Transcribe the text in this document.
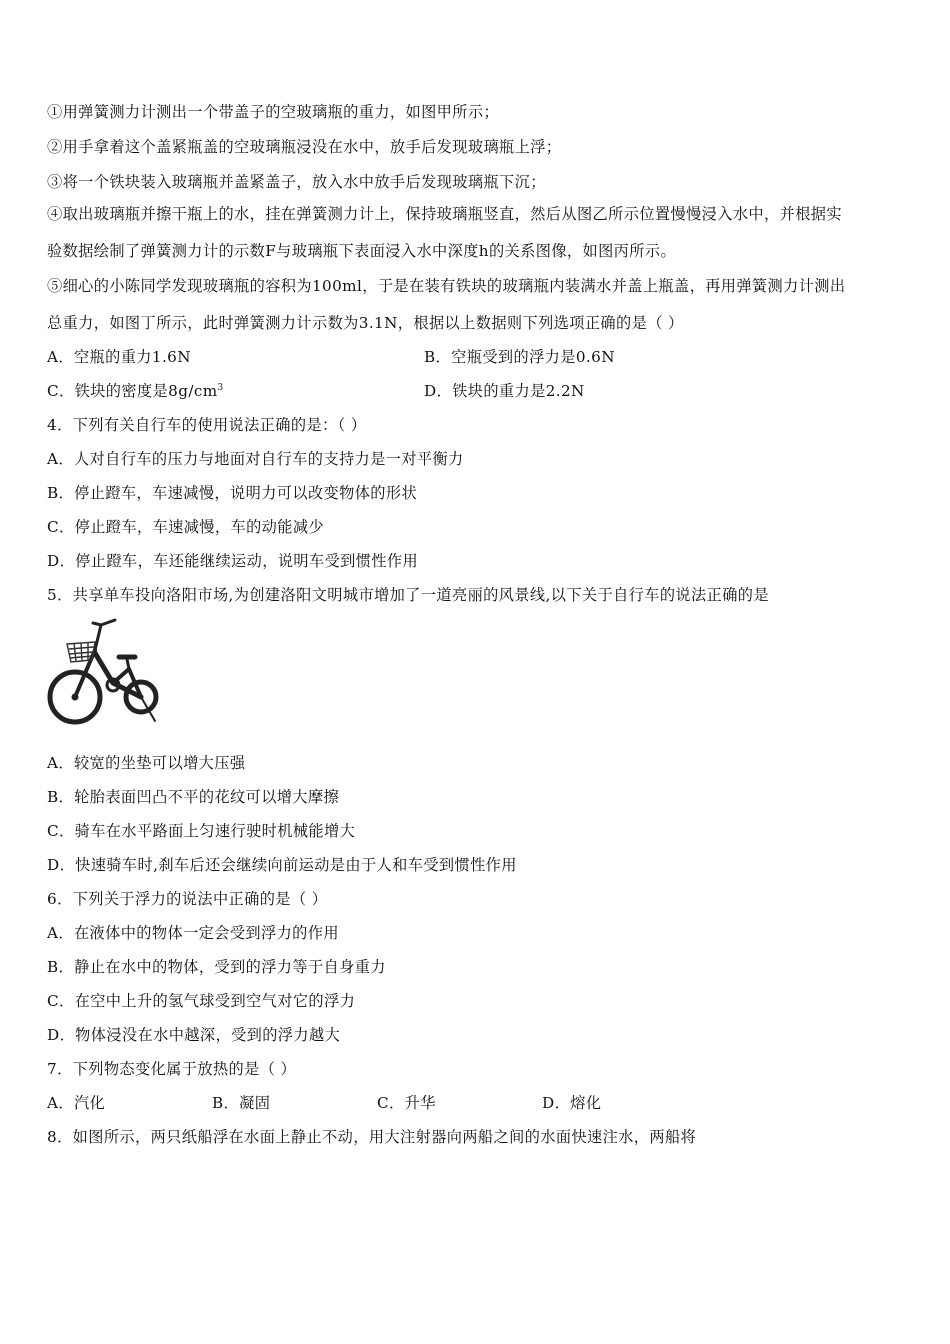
①用弹簧测力计测出一个带盖子的空玻璃瓶的重力，如图甲所示；
②用手拿着这个盖紧瓶盖的空玻璃瓶浸没在水中，放手后发现玻璃瓶上浮；
③将一个铁块装入玻璃瓶并盖紧盖子，放入水中放手后发现玻璃瓶下沉；
④取出玻璃瓶并擦干瓶上的水，挂在弹簧测力计上，保持玻璃瓶竖直，然后从图乙所示位置慢慢浸入水中，并根据实
验数据绘制了弹簧测力计的示数F与玻璃瓶下表面浸入水中深度h的关系图像，如图丙所示。
⑤细心的小陈同学发现玻璃瓶的容积为100ml，于是在装有铁块的玻璃瓶内装满水并盖上瓶盖，再用弹簧测力计测出
总重力，如图丁所示，此时弹簧测力计示数为3.1N，根据以上数据则下列选项正确的是（ ）
A．空瓶的重力1.6N	B．空瓶受到的浮力是0.6N
C．铁块的密度是$8g/cm^3$	D．铁块的重力是2.2N
4．下列有关自行车的使用说法正确的是：（ ）
A．人对自行车的压力与地面对自行车的支持力是一对平衡力
B．停止蹬车，车速减慢，说明力可以改变物体的形状
C．停止蹬车，车速减慢，车的动能减少
D．停止蹬车，车还能继续运动，说明车受到惯性作用
5．共享单车投向洛阳市场,为创建洛阳文明城市增加了一道亮丽的风景线,以下关于自行车的说法正确的是
A．较宽的坐垫可以增大压强
B．轮胎表面凹凸不平的花纹可以增大摩擦
C．骑车在水平路面上匀速行驶时机械能增大
D．快速骑车时,刹车后还会继续向前运动是由于人和车受到惯性作用
6．下列关于浮力的说法中正确的是（ ）
A．在液体中的物体一定会受到浮力的作用
B．静止在水中的物体，受到的浮力等于自身重力
C．在空中上升的氢气球受到空气对它的浮力
D．物体浸没在水中越深，受到的浮力越大
7．下列物态变化属于放热的是（ ）
A．汽化	B．凝固	C．升华	D．熔化
8．如图所示，两只纸船浮在水面上静止不动，用大注射器向两船之间的水面快速注水，两船将
